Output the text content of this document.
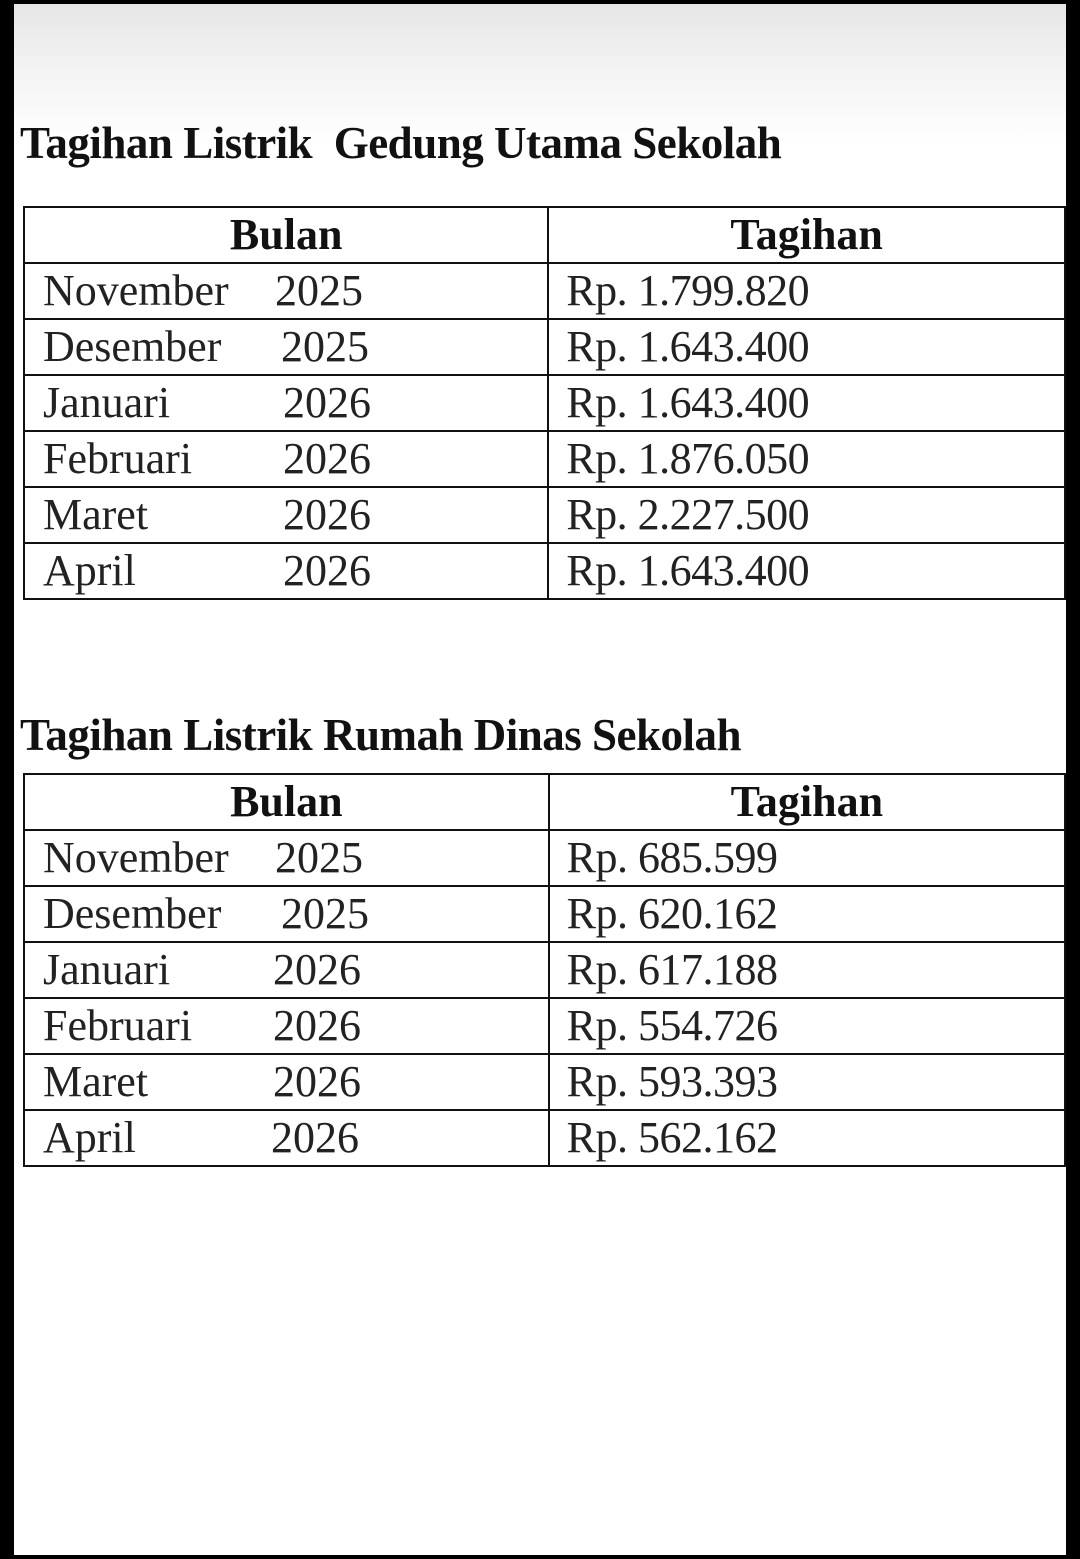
Tagihan Listrik  Gedung Utama Sekolah
Bulan	Tagihan
November 2025	Rp. 1.799.820
Desember 2025	Rp. 1.643.400
Januari 2026	Rp. 1.643.400
Februari 2026	Rp. 1.876.050
Maret 2026	Rp. 2.227.500
April 2026	Rp. 1.643.400
Tagihan Listrik Rumah Dinas Sekolah
Bulan	Tagihan
November 2025	Rp. 685.599
Desember 2025	Rp. 620.162
Januari 2026	Rp. 617.188
Februari 2026	Rp. 554.726
Maret 2026	Rp. 593.393
April 2026	Rp. 562.162
